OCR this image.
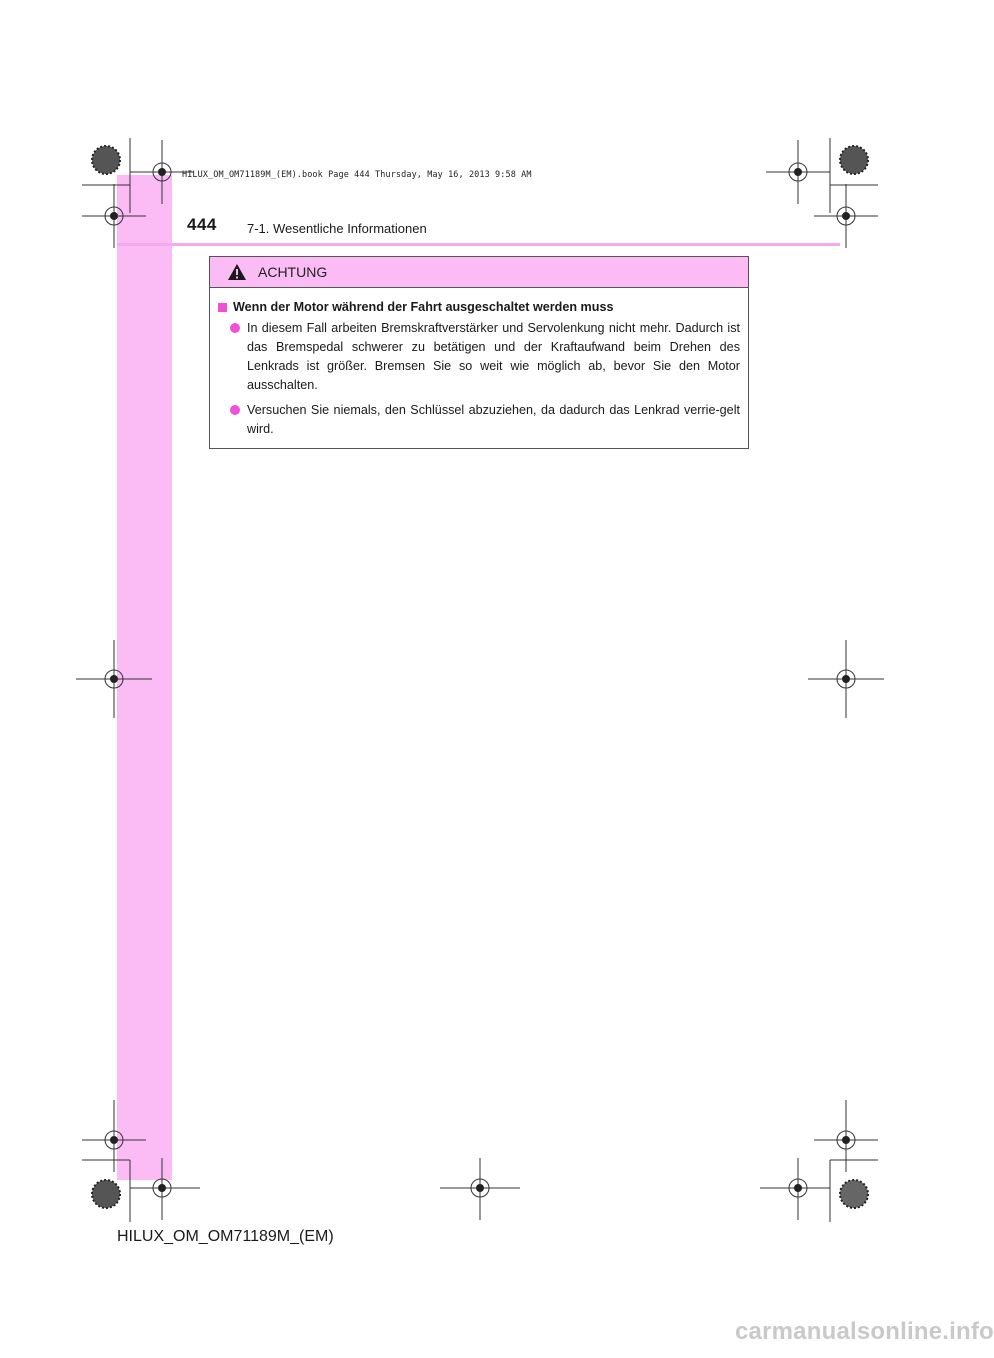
HILUX_OM_OM71189M_(EM).book Page 444 Thursday, May 16, 2013 9:58 AM
444 7-1. Wesentliche Informationen
ACHTUNG
Wenn der Motor während der Fahrt ausgeschaltet werden muss
In diesem Fall arbeiten Bremskraftverstärker und Servolenkung nicht mehr. Dadurch ist das Bremspedal schwerer zu betätigen und der Kraftaufwand beim Drehen des Lenkrads ist größer. Bremsen Sie so weit wie möglich ab, bevor Sie den Motor ausschalten.
Versuchen Sie niemals, den Schlüssel abzuziehen, da dadurch das Lenkrad verrie-gelt wird.
HILUX_OM_OM71189M_(EM)
carmanualsonline.info
